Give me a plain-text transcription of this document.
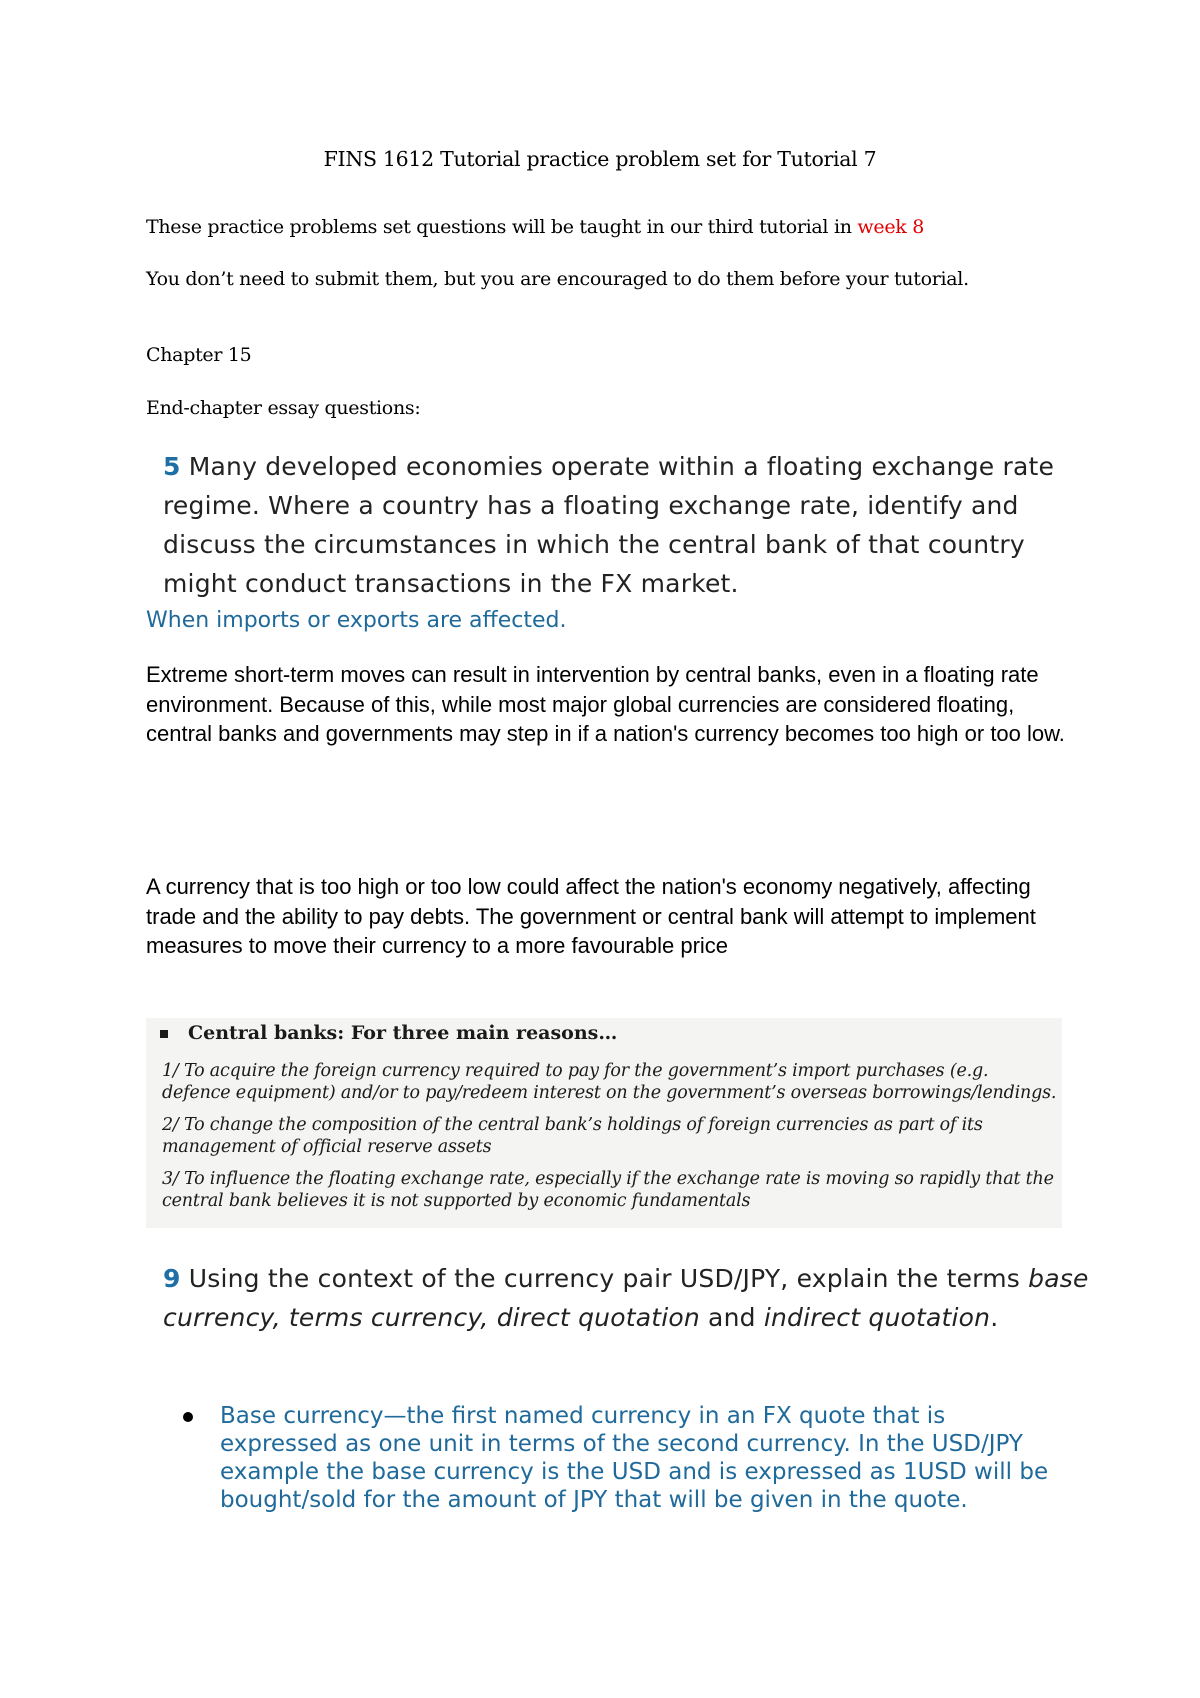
FINS 1612 Tutorial practice problem set for Tutorial 7
These practice problems set questions will be taught in our third tutorial in week 8
You don’t need to submit them, but you are encouraged to do them before your tutorial.
Chapter 15
End-chapter essay questions:
5 Many developed economies operate within a floating exchange rate regime. Where a country has a floating exchange rate, identify and discuss the circumstances in which the central bank of that country might conduct transactions in the FX market.
When imports or exports are affected.
Extreme short-term moves can result in intervention by central banks, even in a floating rate environment. Because of this, while most major global currencies are considered floating, central banks and governments may step in if a nation's currency becomes too high or too low.
A currency that is too high or too low could affect the nation's economy negatively, affecting trade and the ability to pay debts. The government or central bank will attempt to implement measures to move their currency to a more favourable price
Central banks: For three main reasons…
1/ To acquire the foreign currency required to pay for the government’s import purchases (e.g. defence equipment) and/or to pay/redeem interest on the government’s overseas borrowings/lendings.
2/ To change the composition of the central bank’s holdings of foreign currencies as part of its management of official reserve assets
3/ To influence the floating exchange rate, especially if the exchange rate is moving so rapidly that the central bank believes it is not supported by economic fundamentals
9 Using the context of the currency pair USD/JPY, explain the terms base currency, terms currency, direct quotation and indirect quotation.
Base currency—the first named currency in an FX quote that is expressed as one unit in terms of the second currency. In the USD/JPY example the base currency is the USD and is expressed as 1USD will be bought/sold for the amount of JPY that will be given in the quote.
